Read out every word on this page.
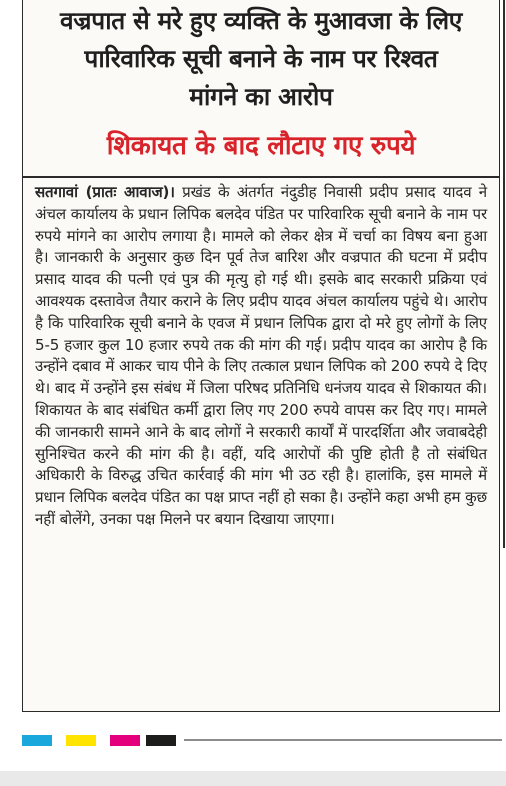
वज्रपात से मरे हुए व्यक्ति के मुआवजा के लिए
पारिवारिक सूची बनाने के नाम पर रिश्वत
मांगने का आरोप
शिकायत के बाद लौटाए गए रुपये
सतगावां (प्रातः आवाज)। प्रखंड के अंतर्गत नंदुडीह निवासी प्रदीप प्रसाद यादव ने अंचल कार्यालय के प्रधान लिपिक बलदेव पंडित पर पारिवारिक सूची बनाने के नाम पर रुपये मांगने का आरोप लगाया है। मामले को लेकर क्षेत्र में चर्चा का विषय बना हुआ है। जानकारी के अनुसार कुछ दिन पूर्व तेज बारिश और वज्रपात की घटना में प्रदीप प्रसाद यादव की पत्नी एवं पुत्र की मृत्यु हो गई थी। इसके बाद सरकारी प्रक्रिया एवं आवश्यक दस्तावेज तैयार कराने के लिए प्रदीप यादव अंचल कार्यालय पहुंचे थे। आरोप है कि पारिवारिक सूची बनाने के एवज में प्रधान लिपिक द्वारा दो मरे हुए लोगों के लिए 5-5 हजार कुल 10 हजार रुपये तक की मांग की गई। प्रदीप यादव का आरोप है कि उन्होंने दबाव में आकर चाय पीने के लिए तत्काल प्रधान लिपिक को 200 रुपये दे दिए थे। बाद में उन्होंने इस संबंध में जिला परिषद प्रतिनिधि धनंजय यादव से शिकायत की। शिकायत के बाद संबंधित कर्मी द्वारा लिए गए 200 रुपये वापस कर दिए गए। मामले की जानकारी सामने आने के बाद लोगों ने सरकारी कार्यों में पारदर्शिता और जवाबदेही सुनिश्चित करने की मांग की है। वहीं, यदि आरोपों की पुष्टि होती है तो संबंधित अधिकारी के विरुद्ध उचित कार्रवाई की मांग भी उठ रही है। हालांकि, इस मामले में प्रधान लिपिक बलदेव पंडित का पक्ष प्राप्त नहीं हो सका है। उन्होंने कहा अभी हम कुछ नहीं बोलेंगे, उनका पक्ष मिलने पर बयान दिखाया जाएगा।
